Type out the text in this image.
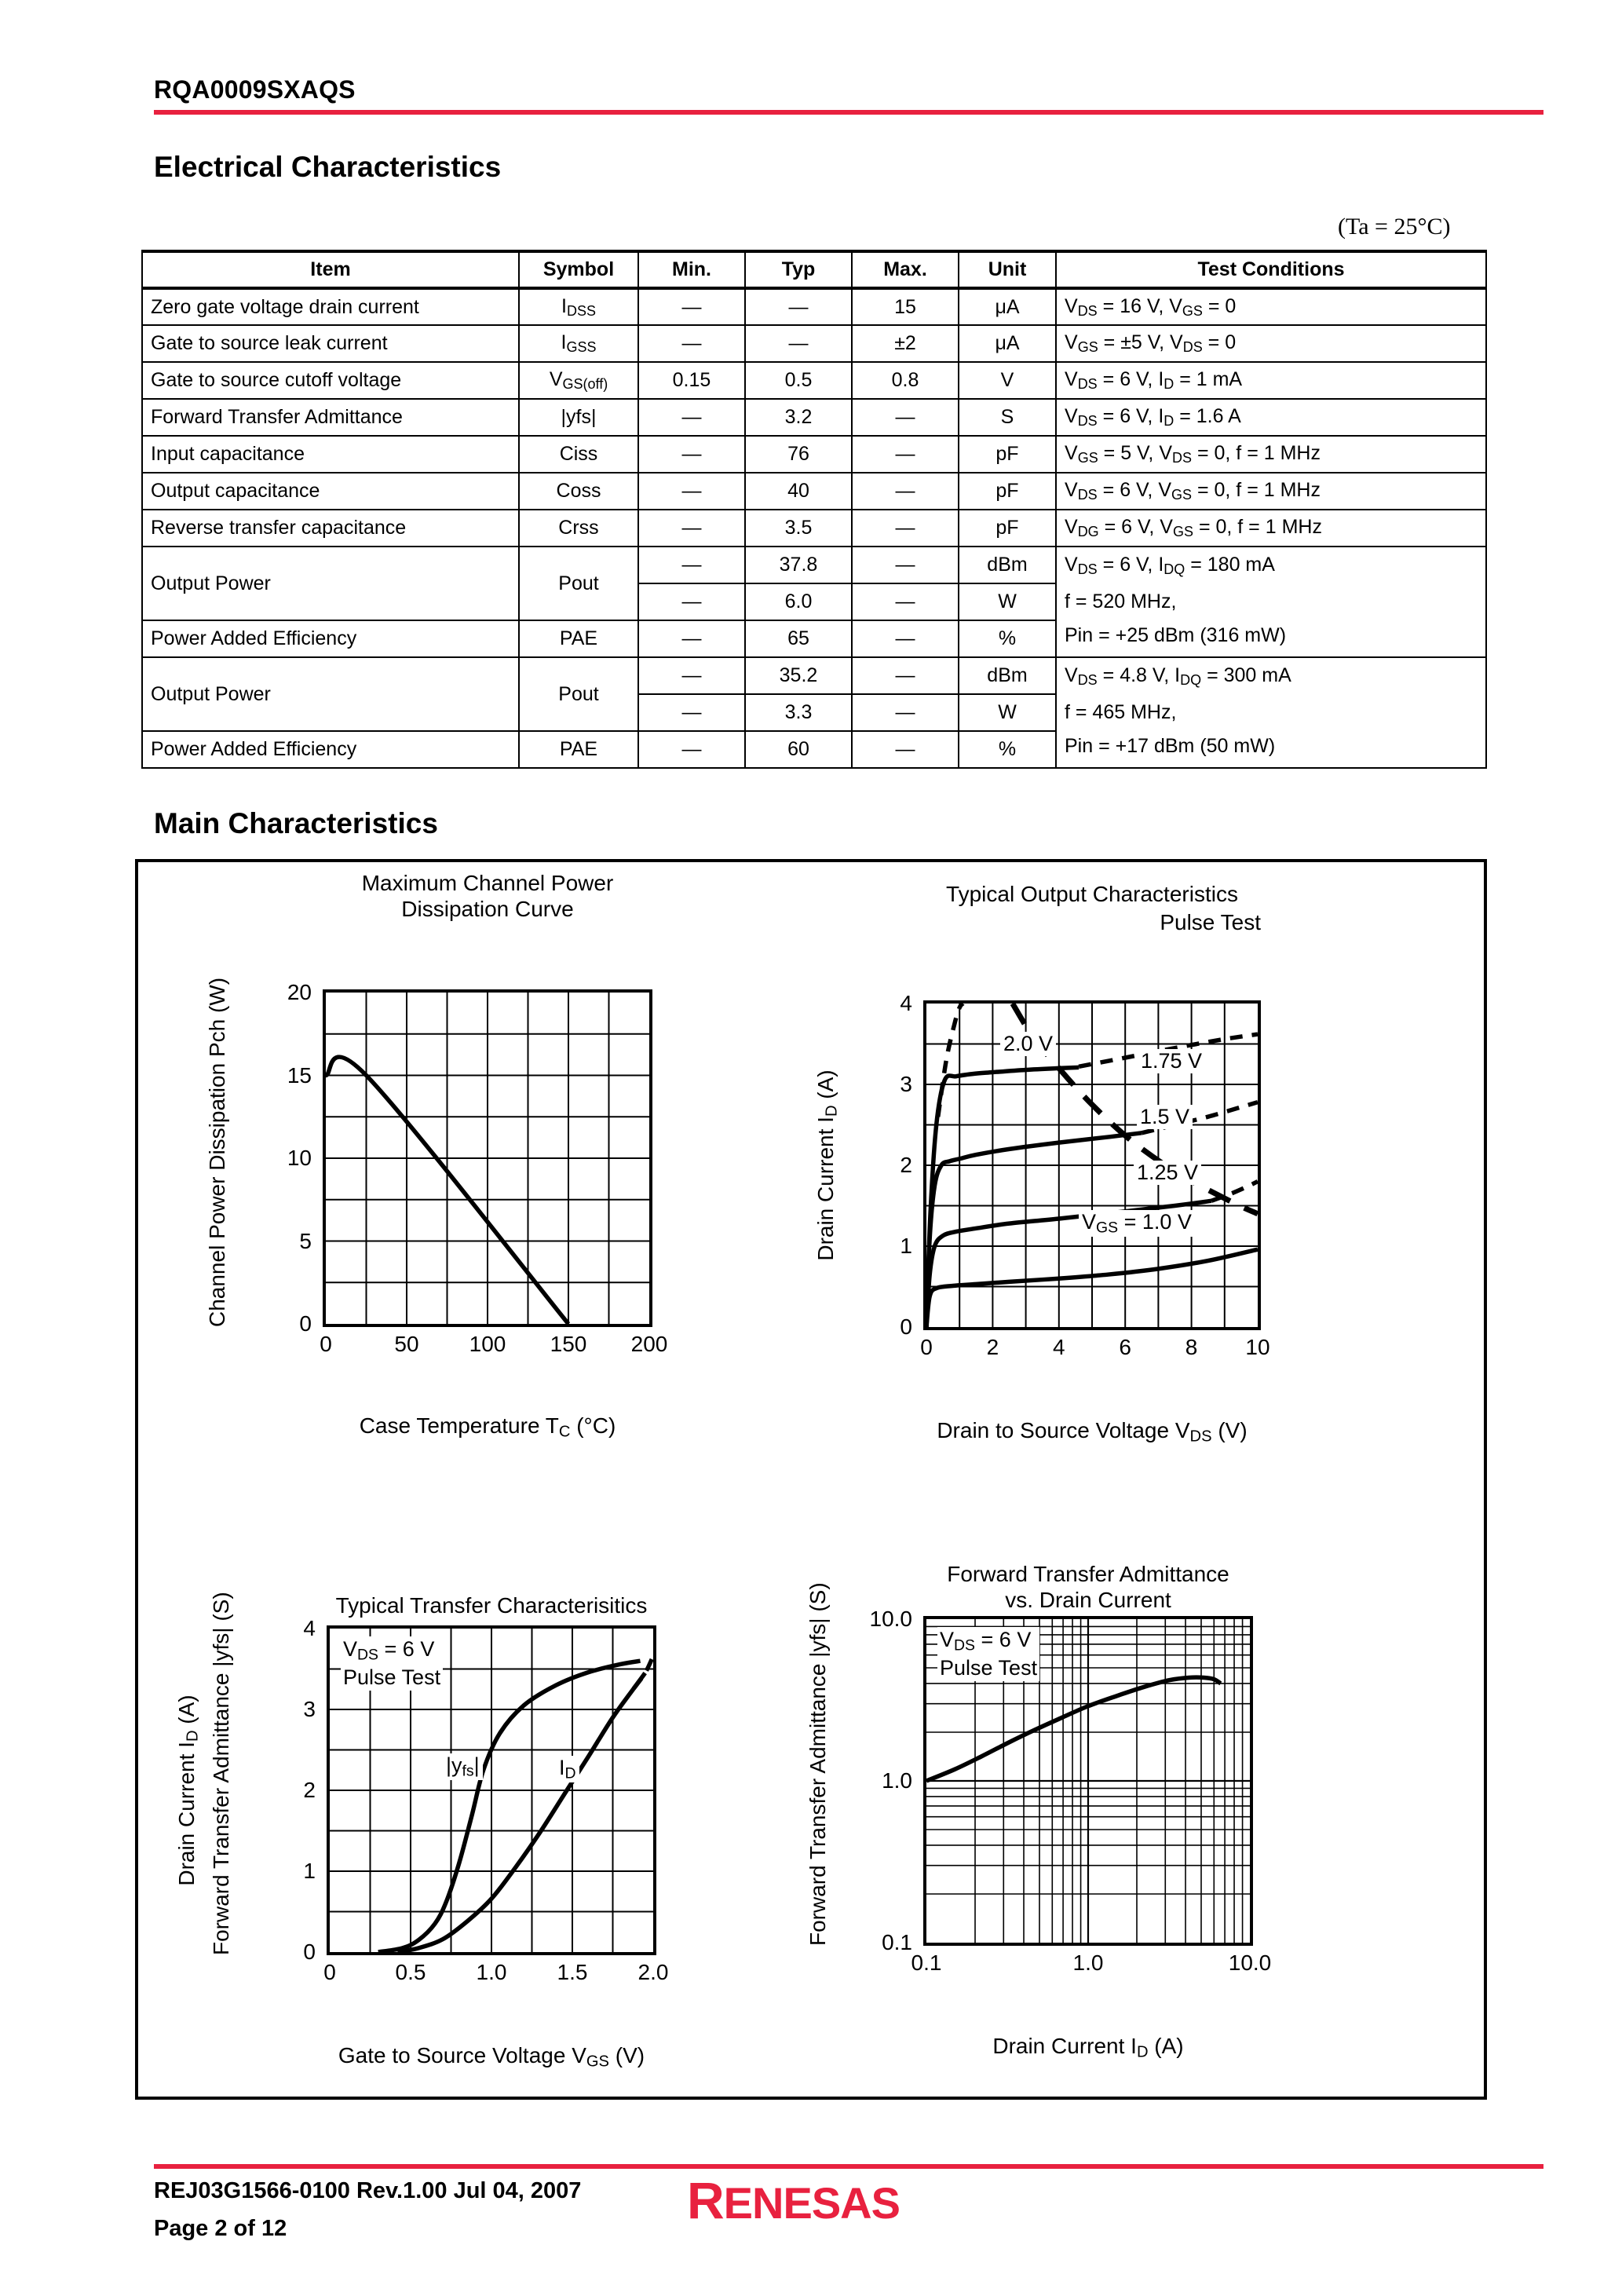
RQA0009SXAQS
Electrical Characteristics
(Ta = 25°C)
Item	Symbol	Min.	Typ	Max.	Unit	Test Conditions
Zero gate voltage drain current	$I_{DSS}$	—	—	15	μA	$V_{DS} = 16$ V, $V_{GS} = 0$
Gate to source leak current	$I_{GSS}$	—	—	±2	μA	$V_{GS} = \pm 5$ V, $V_{DS} = 0$
Gate to source cutoff voltage	$V_{GS(off)}$	0.15	0.5	0.8	V	$V_{DS} = 6$ V, $I_D = 1$ mA
Forward Transfer Admittance	|yfs|	—	3.2	—	S	$V_{DS} = 6$ V, $I_D = 1.6$ A
Input capacitance	Ciss	—	76	—	pF	$V_{GS} = 5$ V, $V_{DS} = 0$, f = 1 MHz
Output capacitance	Coss	—	40	—	pF	$V_{DS} = 6$ V, $V_{GS} = 0$, f = 1 MHz
Reverse transfer capacitance	Crss	—	3.5	—	pF	$V_{DG} = 6$ V, $V_{GS} = 0$, f = 1 MHz
Output Power	Pout	—	37.8	—	dBm	$V_{DS} = 6$ V, $I_{DQ} = 180$ mA
f = 520 MHz,
Pin = +25 dBm (316 mW)

		—	6.0	—	W	
Power Added Efficiency	PAE	—	65	—	%	
Output Power	Pout	—	35.2	—	dBm	$V_{DS} = 4.8$ V, $I_{DQ} = 300$ mA
f = 465 MHz,
Pin = +17 dBm (50 mW)

		—	3.3	—	W	
Power Added Efficiency	PAE	—	60	—	%	
Main Characteristics
Maximum Channel Power
Dissipation Curve
0	50 100 150 200
0
5
10
15
20
Case Temperature $T_C$ (°C)
Channel Power Dissipation Pch (W)
Typical Output Characteristics
Pulse Test
0 2 4 6 8 10
0
1
2
3
4
Drain to Source Voltage $V_{DS}$ (V)
Drain Current $I_D$ (A)
2.0 V
1.75 V
1.5 V
1.25 V
$V_{GS} = 1.0$ V
Typical Transfer Characterisitics
0	0.5 1.0 1.5 2.0
0
1
2
3
4
Gate to Source Voltage $V_{GS}$ (V)
Drain Current $I_D$ (A) Forward Transfer Admittance |yfs| (S)	$V_{DS} = 6$ V
Pulse Test
$|y_{fs}|$	$I_D$
Forward Transfer Admittance
vs. Drain Current
0.1	1.0	10.0
0.1
1.0
10.0
Drain Current $I_D$ (A)
Forward Transfer Admittance |yfs| (S)	$V_{DS} = 6$ V
Pulse Test
REJ03G1566-0100 Rev.1.00 Jul 04, 2007
Page 2 of 12	RENESAS
